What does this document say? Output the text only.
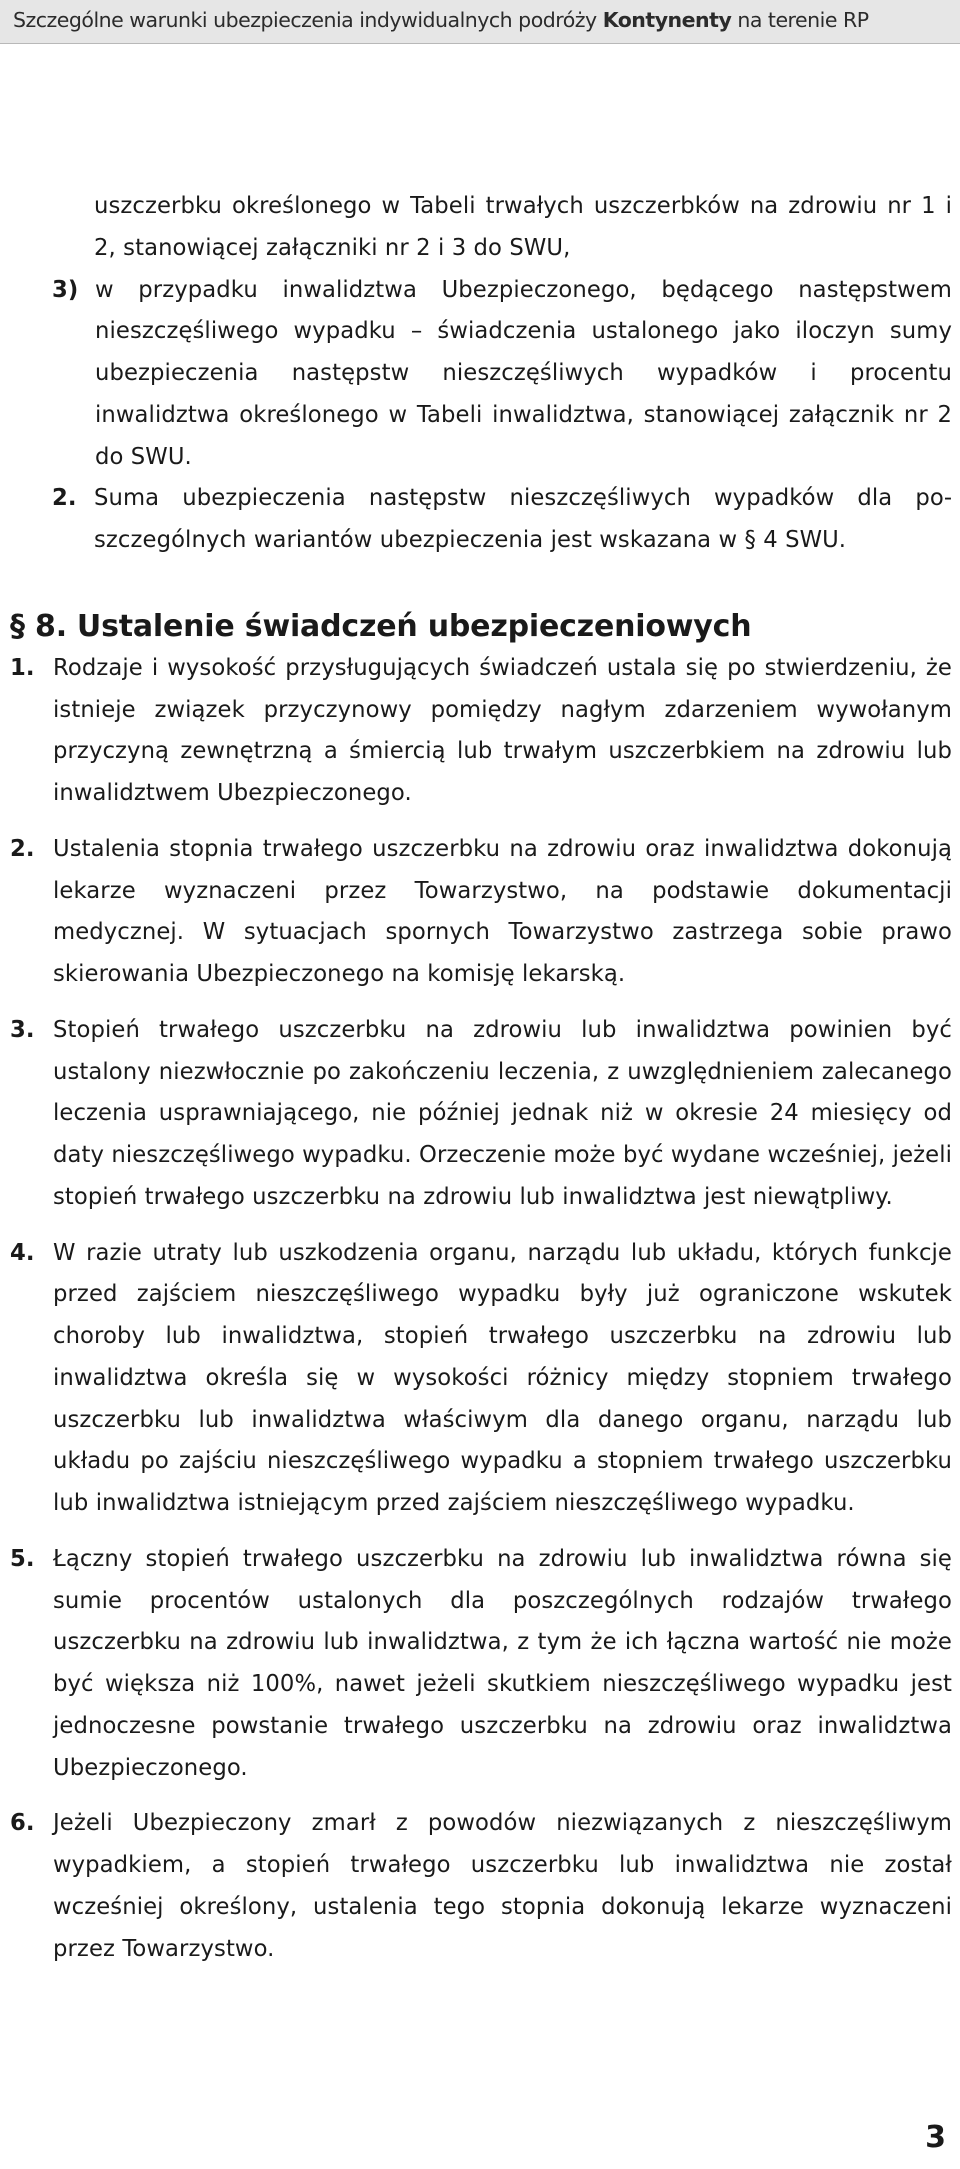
Szczególne warunki ubezpieczenia indywidualnych podróży Kontynenty na terenie RP
uszczerbku określonego w Tabeli trwałych uszczerbków na zdrowiu nr 1 i 2, stanowiącej załączniki nr 2 i 3 do SWU,
3) w przypadku inwalidztwa Ubezpieczonego, będącego następstwem nieszczęśliwego wypadku – świadczenia ustalonego jako iloczyn sumy ubezpieczenia następstw nieszczęśliwych wypadków i procentu inwalidztwa określonego w Tabeli inwalidztwa, stanowiącej załącznik nr 2 do SWU.
2. Suma ubezpieczenia następstw nieszczęśliwych wypadków dla poszczególnych wariantów ubezpieczenia jest wskazana w § 4 SWU.
§ 8. Ustalenie świadczeń ubezpieczeniowych
1. Rodzaje i wysokość przysługujących świadczeń ustala się po stwierdzeniu, że istnieje związek przyczynowy pomiędzy nagłym zdarzeniem wywołanym przyczyną zewnętrzną a śmiercią lub trwałym uszczerbkiem na zdrowiu lub inwalidztwem Ubezpieczonego.
2. Ustalenia stopnia trwałego uszczerbku na zdrowiu oraz inwalidztwa dokonują lekarze wyznaczeni przez Towarzystwo, na podstawie dokumentacji medycznej. W sytuacjach spornych Towarzystwo zastrzega sobie prawo skierowania Ubezpieczonego na komisję lekarską.
3. Stopień trwałego uszczerbku na zdrowiu lub inwalidztwa powinien być ustalony niezwłocznie po zakończeniu leczenia, z uwzględnieniem zalecanego leczenia usprawniającego, nie później jednak niż w okresie 24 miesięcy od daty nieszczęśliwego wypadku. Orzeczenie może być wydane wcześniej, jeżeli stopień trwałego uszczerbku na zdrowiu lub inwalidztwa jest niewątpliwy.
4. W razie utraty lub uszkodzenia organu, narządu lub układu, których funkcje przed zajściem nieszczęśliwego wypadku były już ograniczone wskutek choroby lub inwalidztwa, stopień trwałego uszczerbku na zdrowiu lub inwalidztwa określa się w wysokości różnicy między stopniem trwałego uszczerbku lub inwalidztwa właściwym dla danego organu, narządu lub układu po zajściu nieszczęśliwego wypadku a stopniem trwałego uszczerbku lub inwalidztwa istniejącym przed zajściem nieszczęśliwego wypadku.
5. Łączny stopień trwałego uszczerbku na zdrowiu lub inwalidztwa równa się sumie procentów ustalonych dla poszczególnych rodzajów trwałego uszczerbku na zdrowiu lub inwalidztwa, z tym że ich łączna wartość nie może być większa niż 100%, nawet jeżeli skutkiem nieszczęśliwego wypadku jest jednoczesne powstanie trwałego uszczerbku na zdrowiu oraz inwalidztwa Ubezpieczonego.
6. Jeżeli Ubezpieczony zmarł z powodów niezwiązanych z nieszczęśliwym wypadkiem, a stopień trwałego uszczerbku lub inwalidztwa nie został wcześniej określony, ustalenia tego stopnia dokonują lekarze wyznaczeni przez Towarzystwo.
3
